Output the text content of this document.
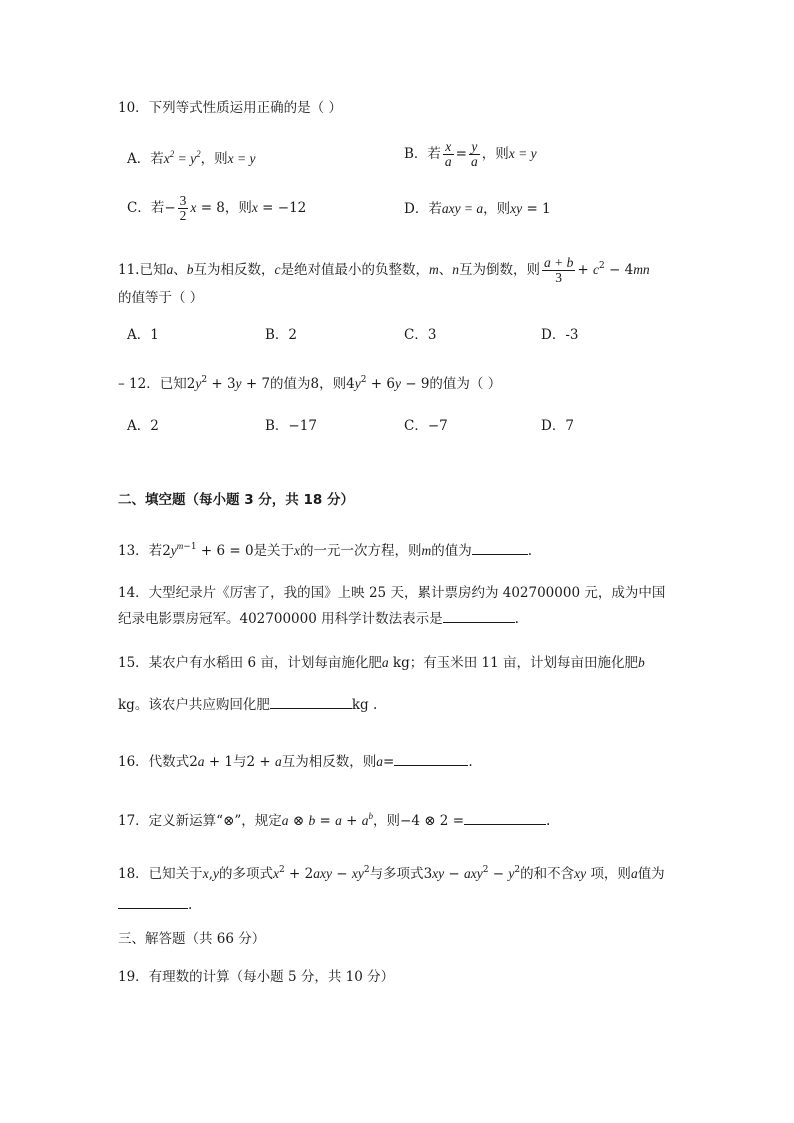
10．下列等式性质运用正确的是（ ）
A．若$x^2 = y^2$，则x = y	B．若 $\frac{x}{a} = \frac{y}{a}$ ，则x = y
C．若− $\frac{3}{2}$ x = 8，则x = −12	D．若axy = a，则xy = 1
11.已知a、b互为相反数，c是绝对值最小的负整数，m、n互为倒数，则 $\frac{a + b}{3} + c^2 - 4mn$
的值等于（ ）
A．1	B．2	C．3	D．-3
– 12．已知$2y^2 + 3y + 7$的值为8，则$4y^2 + 6y - 9$的值为（ ）
A．2	B．−17	C．−7	D．7
二、填空题（每小题 3 分，共 18 分）
13．若$2y^{m-1} + 6 = 0$是关于x的一元一次方程，则m的值为	.
14．大型纪录片《厉害了，我的国》上映 25 天，累计票房约为 402700000 元，成为中国
纪录电影票房冠军。402700000 用科学计数法表示是	.
15．某农户有水稻田 6 亩，计划每亩施化肥a kg；有玉米田 11 亩，计划每亩田施化肥b
kg。该农户共应购回化肥	kg .
16．代数式2a + 1与2 + a互为相反数，则a=	.
17．定义新运算“⊗”，规定a ⊗ $b = a + a^b$，则−4 ⊗ 2 =	.
18．已知关于x,y的多项式$x^2 + 2axy - xy^2$与多项式$3xy - axy^2 - y^2$的和不含xy 项，则a值为
.
三、解答题（共 66 分）
19．有理数的计算（每小题 5 分，共 10 分）
